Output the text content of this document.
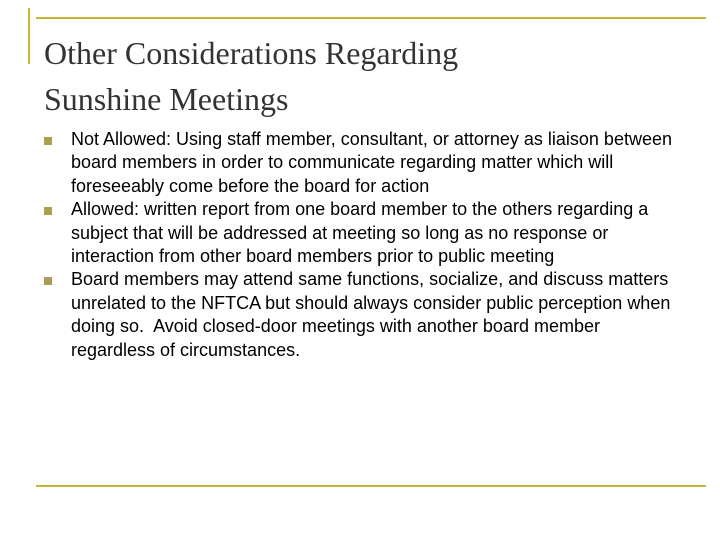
Other Considerations Regarding
Sunshine Meetings
Not Allowed: Using staff member, consultant, or attorney as liaison between board members in order to communicate regarding matter which will foreseeably come before the board for action
Allowed: written report from one board member to the others regarding a subject that will be addressed at meeting so long as no response or interaction from other board members prior to public meeting
Board members may attend same functions, socialize, and discuss matters unrelated to the NFTCA but should always consider public perception when doing so.  Avoid closed-door meetings with another board member regardless of circumstances.
